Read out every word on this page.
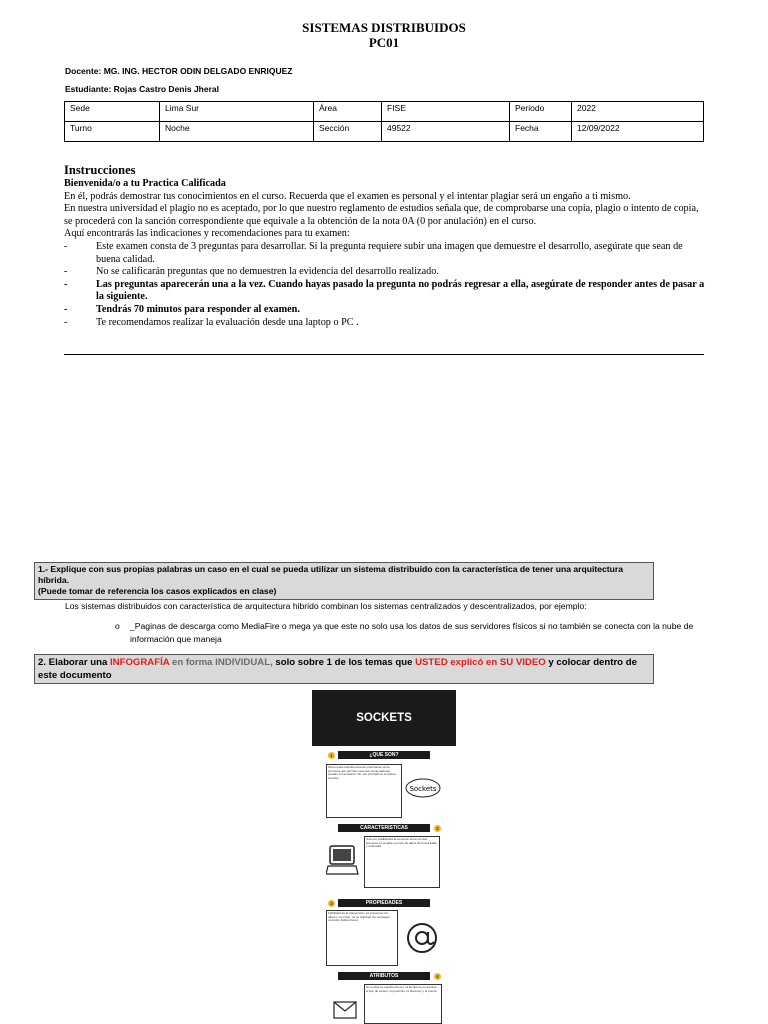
SISTEMAS DISTRIBUIDOS
PC01
Docente: MG. ING. HECTOR ODIN DELGADO ENRIQUEZ
Estudiante: Rojas Castro Denis Jheral
Sede	Lima Sur	Área	FISE	Periodo	2022
Turno	Noche	Sección	49522	Fecha	12/09/2022
Instrucciones
Bienvenida/o a tu Practica Calificada
En él, podrás demostrar tus conocimientos en el curso. Recuerda que el examen es personal y el intentar plagiar será un engaño a ti mismo.
En nuestra universidad el plagio no es aceptado, por lo que nuestro reglamento de estudios señala que, de comprobarse una copia, plagio o intento de copia, se procederá con la sanción correspondiente que equivale a la obtención de la nota 0A (0 por anulación) en el curso.
Aquí encontrarás las indicaciones y recomendaciones para tu examen:
-	Este examen consta de 3 preguntas para desarrollar. Si la pregunta requiere subir una imagen que demuestre el desarrollo, asegúrate que sean de buena calidad.
-	No se calificarán preguntas que no demuestren la evidencia del desarrollo realizado.
-	Las preguntas aparecerán una a la vez. Cuando hayas pasado la pregunta no podrás regresar a ella, asegúrate de responder antes de pasar a la siguiente.
-	Tendrás 70 minutos para responder al examen.
-	Te recomendamos realizar la evaluación desde una laptop o PC .
1.- Explique con sus propias palabras un caso en el cual se pueda utilizar un sistema distribuido con la característica de tener una arquitectura híbrida.
(Puede tomar de referencia los casos explicados en clase)
Los sistemas distribuidos con característica de arquitectura hibrido combinan los sistemas centralizados y descentralizados, por ejemplo:
o	_Paginas de descarga como MediaFire o mega ya que este no solo usa los datos de sus servidores físicos si no también se conecta con la nube de información que maneja
2. Elaborar una INFOGRAFÍA en forma INDIVIDUAL, solo sobre 1 de los temas que USTED explicó en SU VIDEO y colocar dentro de este documento
SOCKETS
1	¿QUE SON?
Sirven para transferencia de información entre procesos que permiten que dos computadoras puedan comunicarse. Su uso principal es el cliente-servidor.
Sockets
2
CARACTERISTICAS
Una vez establecida la conexión entre los dos procesos es posible el envío de datos de forma fiable y ordenada.
3	PROPIEDADES
Fiabilidad de la transmisión; se preservan los datos y su orden; no se duplican los mensajes; conexión bidireccional.
4
ATRIBUTOS
Un socket se caracteriza por: la familia de protocolos, el tipo de socket, el protocolo, la dirección y el puerto.
